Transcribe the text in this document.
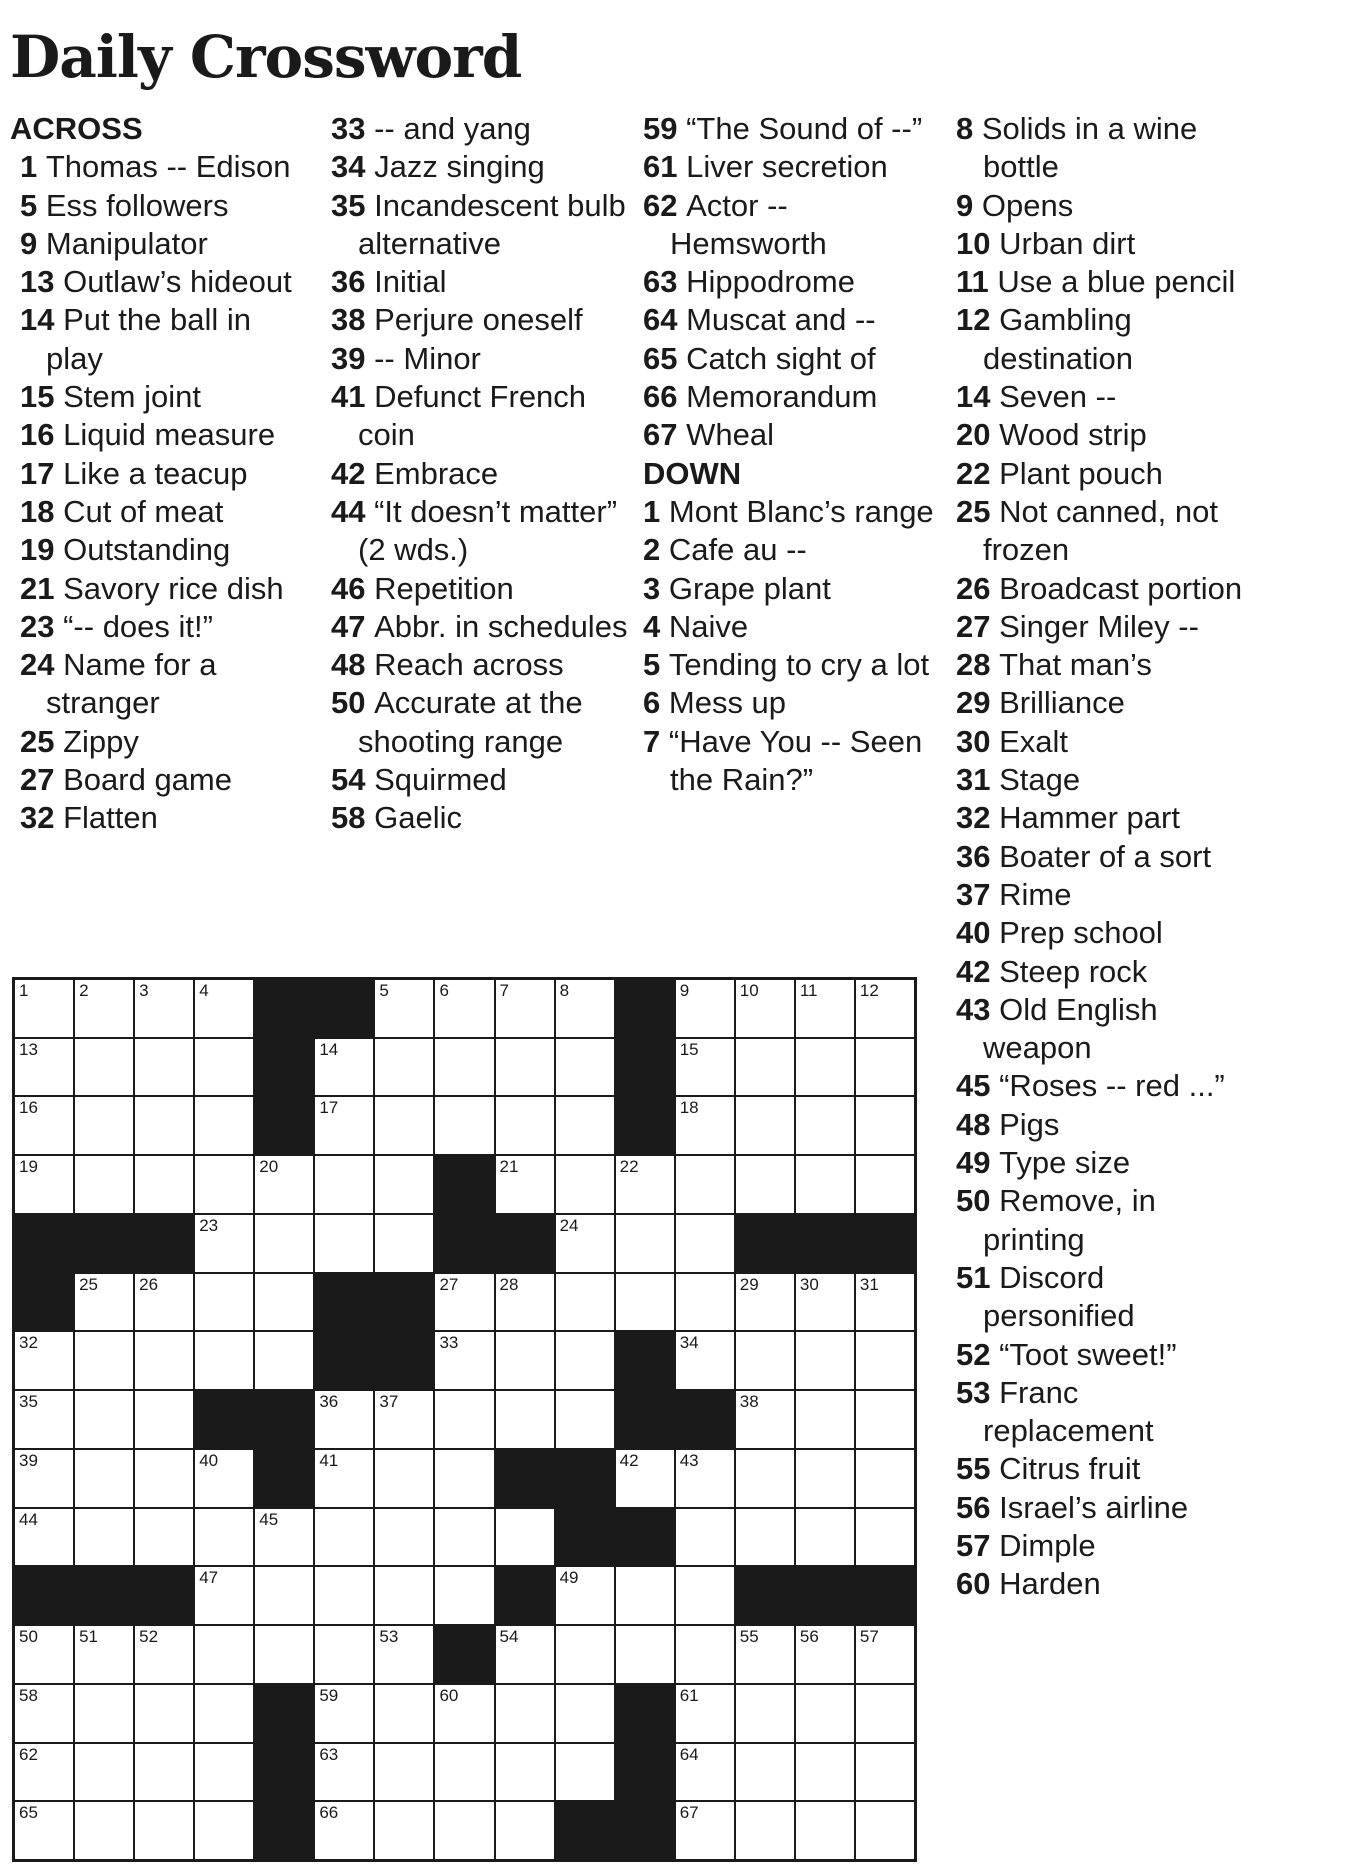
Daily Crossword
ACROSS
1 Thomas -- Edison
5 Ess followers
9 Manipulator
13 Outlaw’s hideout
14 Put the ball in play
15 Stem joint
16 Liquid measure
17 Like a teacup
18 Cut of meat
19 Outstanding
21 Savory rice dish
23 “-- does it!”
24 Name for a stranger
25 Zippy
27 Board game
32 Flatten
33 -- and yang
34 Jazz singing
35 Incandescent bulb alternative
36 Initial
38 Perjure oneself
39 -- Minor
41 Defunct French coin
42 Embrace
44 “It doesn’t matter” (2 wds.)
46 Repetition
47 Abbr. in schedules
48 Reach across
50 Accurate at the shooting range
54 Squirmed
58 Gaelic
59 “The Sound of --”
61 Liver secretion
62 Actor -- Hemsworth
63 Hippodrome
64 Muscat and --
65 Catch sight of
66 Memorandum
67 Wheal
DOWN
1 Mont Blanc’s range
2 Cafe au --
3 Grape plant
4 Naive
5 Tending to cry a lot
6 Mess up
7 “Have You -- Seen the Rain?”
8 Solids in a wine bottle
9 Opens
10 Urban dirt
11 Use a blue pencil
12 Gambling destination
14 Seven --
20 Wood strip
22 Plant pouch
25 Not canned, not frozen
26 Broadcast portion
27 Singer Miley --
28 That man’s
29 Brilliance
30 Exalt
31 Stage
32 Hammer part
36 Boater of a sort
37 Rime
40 Prep school
42 Steep rock
43 Old English weapon
45 “Roses -- red ...”
48 Pigs
49 Type size
50 Remove, in printing
51 Discord personified
52 “Toot sweet!”
53 Franc replacement
55 Citrus fruit
56 Israel’s airline
57 Dimple
60 Harden
1	2	3	4	5	6	7	8	9	10 11 12
13	14	15
16	17	18
19	20	21	22
23	24
25 26	27 28	29 30 31
32	33	34
35	36 37	38
39	40	41	42 43
44	45
47	49
50 51 52	53	54	55 56 57
58	59	60	61
62	63	64
65	66	67
